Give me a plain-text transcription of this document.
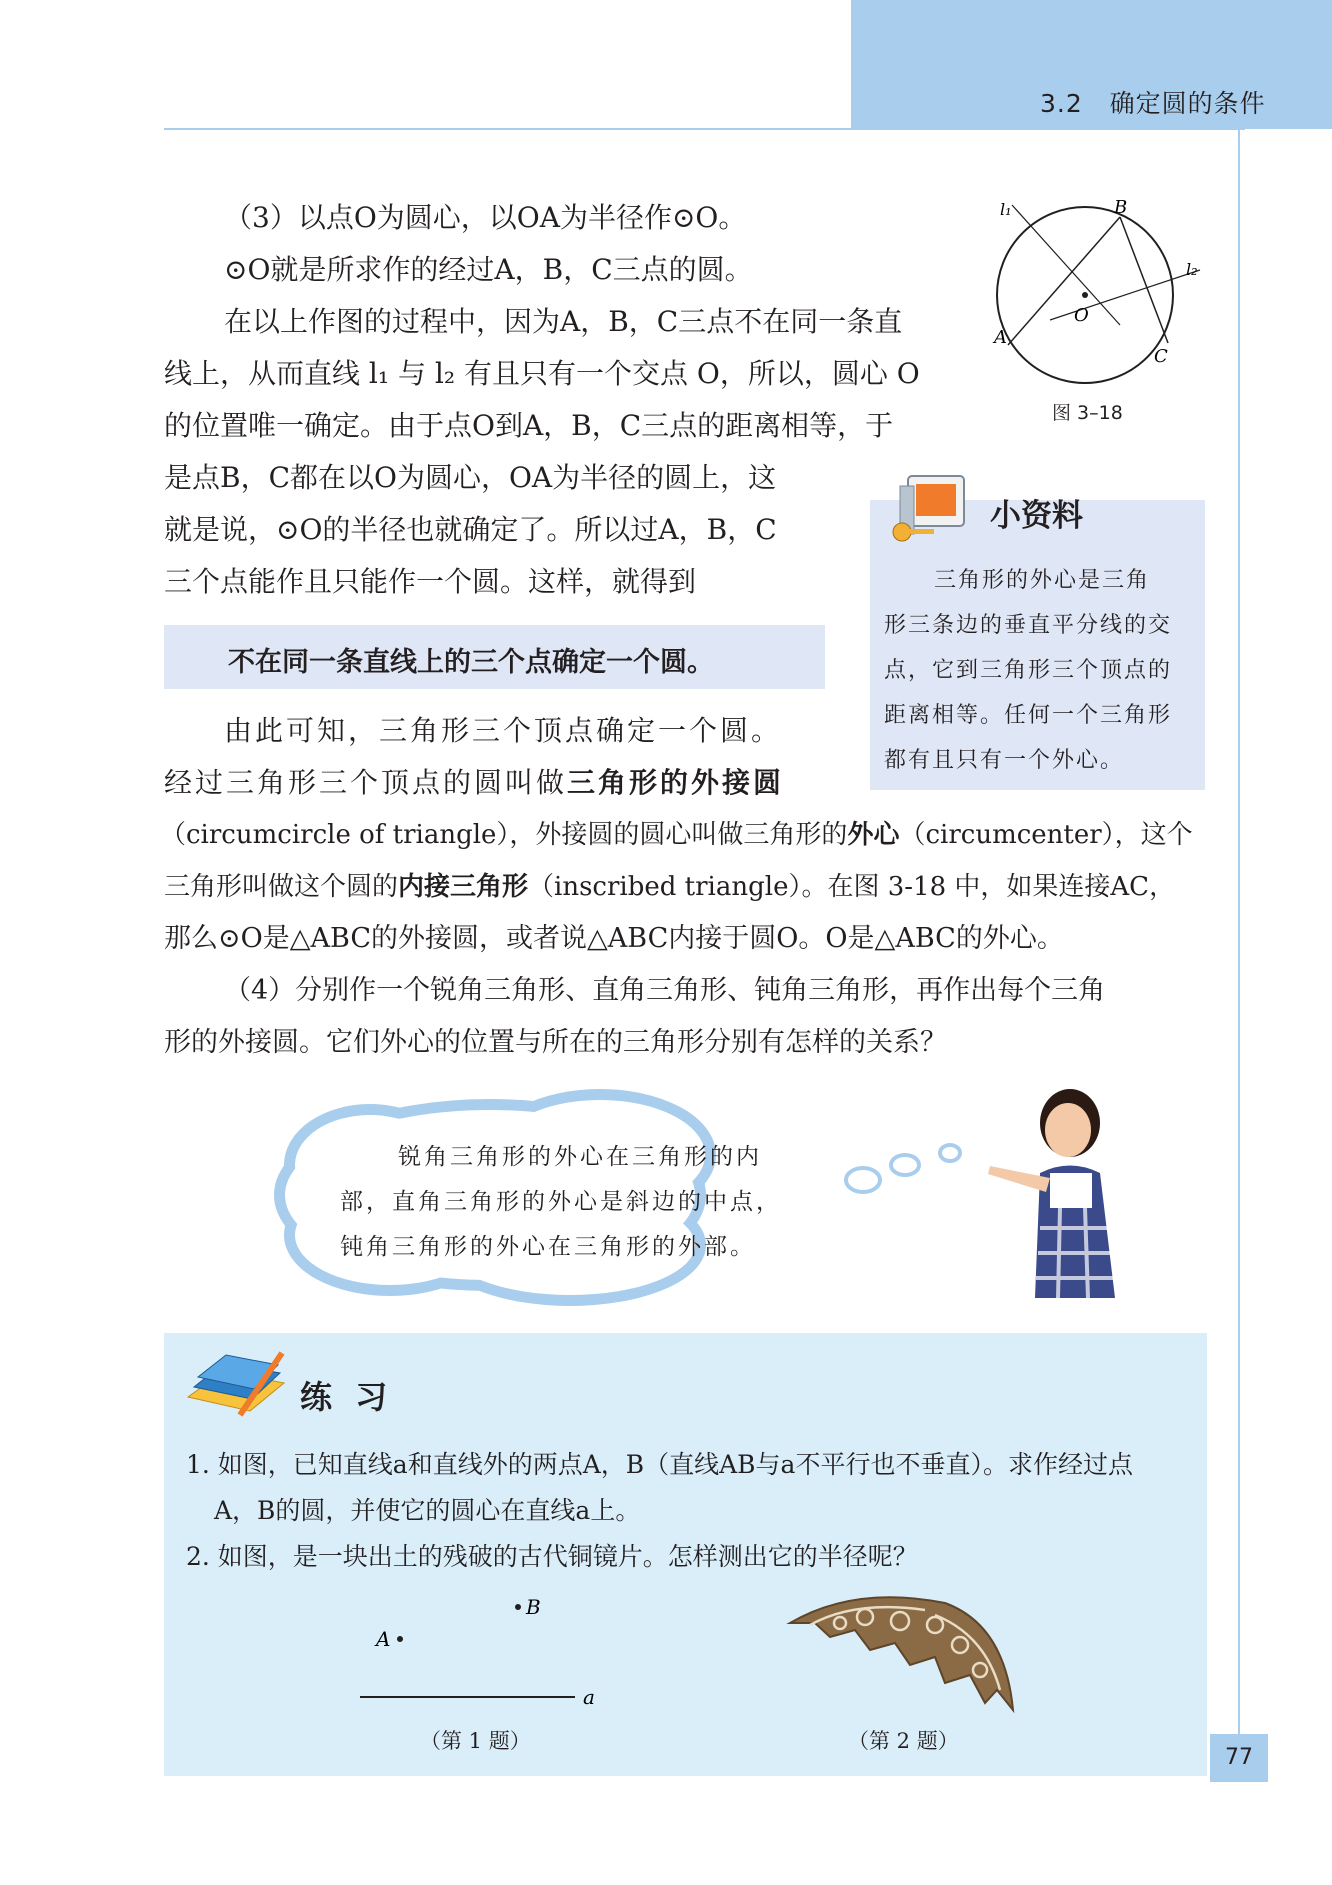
3.2 确定圆的条件

（3）以点O为圆心，以OA为半径作⊙O。

⊙O就是所求作的经过A，B，C三点的圆。

在以上作图的过程中，因为A，B，C三点不在同一条直

线上，从而直线 l₁ 与 l₂ 有且只有一个交点 O，所以，圆心 O

的位置唯一确定。由于点O到A，B，C三点的距离相等，于

是点B，C都在以O为圆心，OA为半径的圆上，这

就是说，⊙O的半径也就确定了。所以过A，B，C

三个点能作且只能作一个圆。这样，就得到

不在同一条直线上的三个点确定一个圆。

由此可知，三角形三个顶点确定一个圆。

经过三角形三个顶点的圆叫做三角形的外接圆

（circumcircle of triangle），外接圆的圆心叫做三角形的外心（circumcenter），这个

三角形叫做这个圆的内接三角形（inscribed triangle）。在图 3-18 中，如果连接AC，

那么⊙O是△ABC的外接圆，或者说△ABC内接于圆O。O是△ABC的外心。

（4）分别作一个锐角三角形、直角三角形、钝角三角形，再作出每个三角

形的外接圆。它们外心的位置与所在的三角形分别有怎样的关系？

l₁
l₂
B
A
C
O
图 3–18
小资料
三角形的外心是三角
形三条边的垂直平分线的交
点，它到三角形三个顶点的
距离相等。任何一个三角形
都有且只有一个外心。
锐角三角形的外心在三角形的内
部，直角三角形的外心是斜边的中点，
钝角三角形的外心在三角形的外部。
练 习
1. 如图，已知直线a和直线外的两点A，B（直线AB与a不平行也不垂直）。求作经过点
A，B的圆，并使它的圆心在直线a上。
2. 如图，是一块出土的残破的古代铜镜片。怎样测出它的半径呢？
B
A
a
（第 1 题）	（第 2 题）
77
